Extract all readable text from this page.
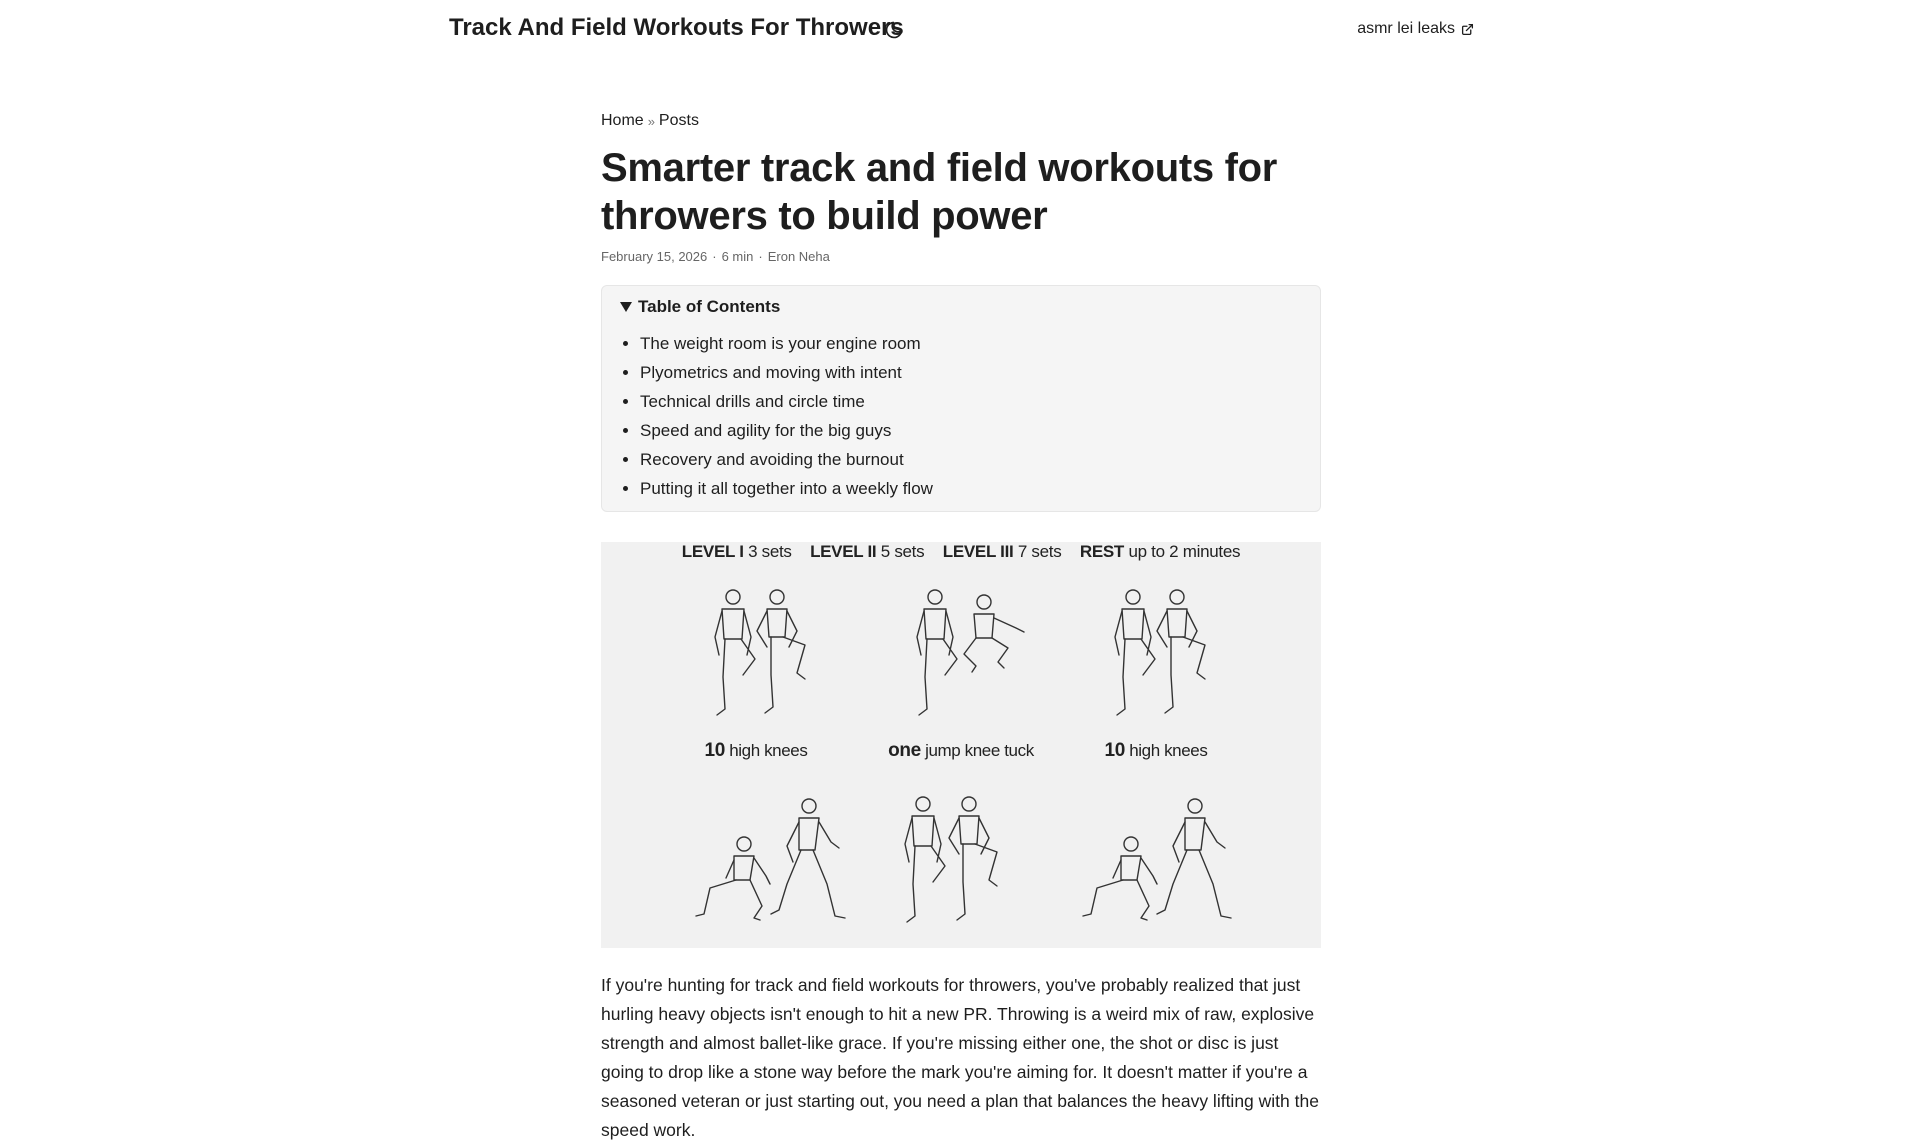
Track And Field Workouts For Throwers	asmr lei leaks
Home » Posts
Smarter track and field workouts for throwers to build power
February 15, 2026 · 6 min · Eron Neha
Table of Contents
• The weight room is your engine room
• Plyometrics and moving with intent
• Technical drills and circle time
• Speed and agility for the big guys
• Recovery and avoiding the burnout
• Putting it all together into a weekly flow
LEVEL I 3 sets LEVEL II 5 sets LEVEL III 7 sets REST up to 2 minutes
10 high knees	one jump knee tuck	10 high knees

If you're hunting for track and field workouts for throwers, you've probably realized that just hurling heavy objects isn't enough to hit a new PR. Throwing is a weird mix of raw, explosive strength and almost ballet-like grace. If you're missing either one, the shot or disc is just going to drop like a stone way before the mark you're aiming for. It doesn't matter if you're a seasoned veteran or just starting out, you need a plan that balances the heavy lifting with the speed work.
